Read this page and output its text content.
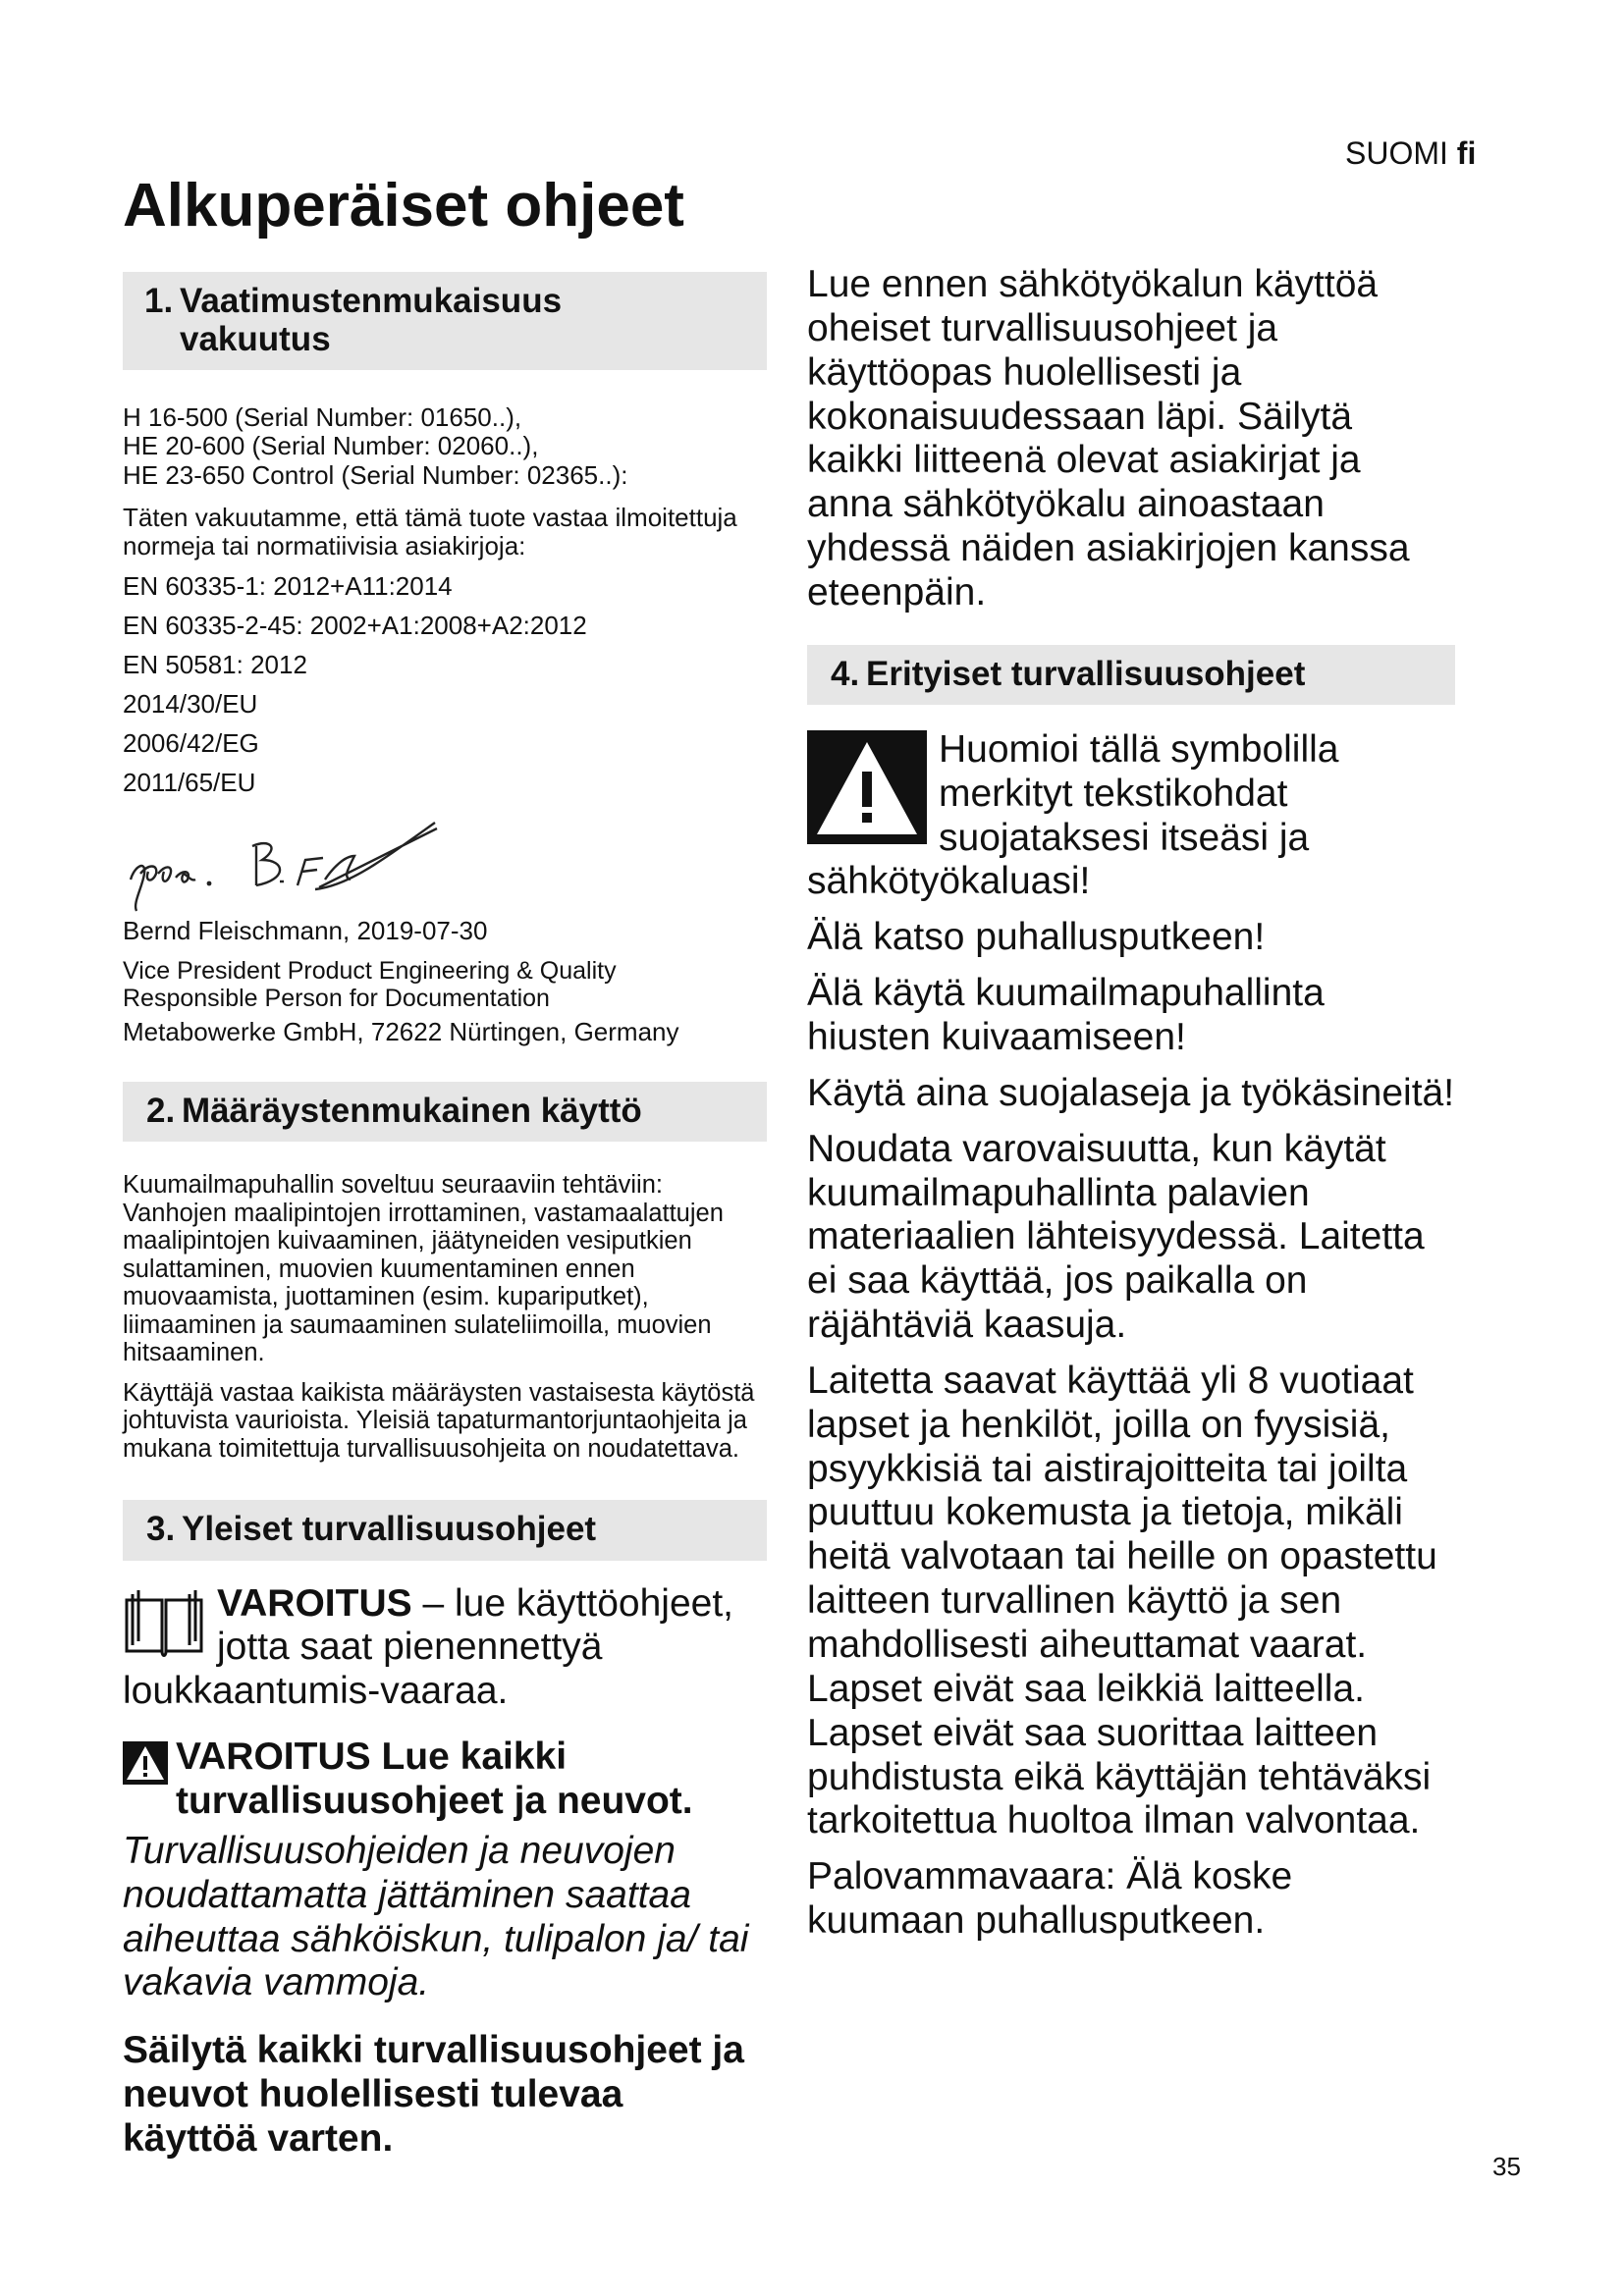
SUOMI fi
Alkuperäiset ohjeet
1. Vaatimustenmukaisuus vakuutus

H 16-500 (Serial Number: 01650..),

HE 20-600 (Serial Number: 02060..),

HE 23-650 Control (Serial Number: 02365..):

Täten vakuutamme, että tämä tuote vastaa ilmoitettuja normeja tai normatiivisia asiakirjoja:

EN 60335-1: 2012+A11:2014

EN 60335-2-45: 2002+A1:2008+A2:2012

EN 50581: 2012

2014/30/EU

2006/42/EG

2011/65/EU

Bernd Fleischmann, 2019-07-30

Vice President Product Engineering & Quality

Responsible Person for Documentation

Metabowerke GmbH, 72622 Nürtingen, Germany

2. Määräystenmukainen käyttö

Kuumailmapuhallin soveltuu seuraaviin tehtäviin: Vanhojen maalipintojen irrottaminen, vastamaalattujen maalipintojen kuivaaminen, jäätyneiden vesiputkien sulattaminen, muovien kuumentaminen ennen muovaamista, juottaminen (esim. kupariputket), liimaaminen ja saumaaminen sulateliimoilla, muovien hitsaaminen.

Käyttäjä vastaa kaikista määräysten vastaisesta käytöstä johtuvista vaurioista. Yleisiä tapaturmantorjuntaohjeita ja mukana toimitettuja turvallisuusohjeita on noudatettava.

3. Yleiset turvallisuusohjeet
VAROITUS – lue käyttöohjeet, jotta saat pienennettyä loukkaantumis-vaaraa.
VAROITUS Lue kaikki turvallisuusohjeet ja neuvot.

Turvallisuusohjeiden ja neuvojen noudattamatta jättäminen saattaa aiheuttaa sähköiskun, tulipalon ja/ tai vakavia vammoja.

Säilytä kaikki turvallisuusohjeet ja neuvot huolellisesti tulevaa käyttöä varten.

Lue ennen sähkötyökalun käyttöä oheiset turvallisuusohjeet ja käyttöopas huolellisesti ja kokonaisuudessaan läpi. Säilytä kaikki liitteenä olevat asiakirjat ja anna sähkötyökalu ainoastaan yhdessä näiden asiakirjojen kanssa eteenpäin.

4. Erityiset turvallisuusohjeet

Huomioi tällä symbolilla merkityt tekstikohdat suojataksesi itseäsi ja sähkötyökaluasi!

Älä katso puhallusputkeen!

Älä käytä kuumailmapuhallinta hiusten kuivaamiseen!

Käytä aina suojalaseja ja työkäsineitä!

Noudata varovaisuutta, kun käytät kuumailmapuhallinta palavien materiaalien lähteisyydessä. Laitetta ei saa käyttää, jos paikalla on räjähtäviä kaasuja.

Laitetta saavat käyttää yli 8 vuotiaat lapset ja henkilöt, joilla on fyysisiä, psyykkisiä tai aistirajoitteita tai joilta puuttuu kokemusta ja tietoja, mikäli heitä valvotaan tai heille on opastettu laitteen turvallinen käyttö ja sen mahdollisesti aiheuttamat vaarat. Lapset eivät saa leikkiä laitteella. Lapset eivät saa suorittaa laitteen puhdistusta eikä käyttäjän tehtäväksi tarkoitettua huoltoa ilman valvontaa.

Palovammavaara: Älä koske kuumaan puhallusputkeen.

35
